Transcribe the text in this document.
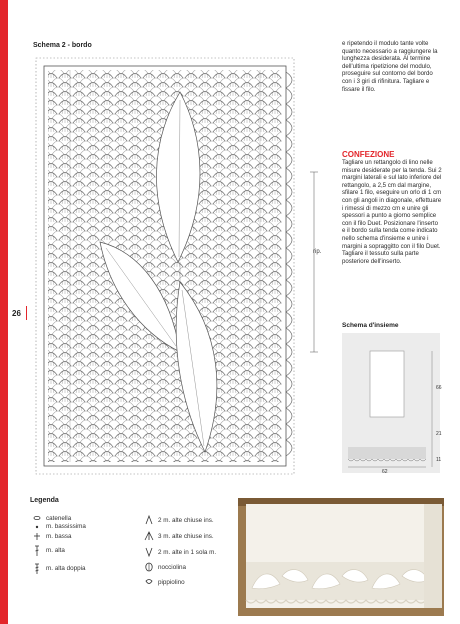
26
Schema 2 - bordo
rip.
e ripetendo il modulo tante volte quanto necessario a raggiungere la lunghezza desiderata. Al termine dell'ultima ripetizione del modulo, proseguire sul contorno del bordo con i 3 giri di rifinitura. Tagliare e fissare il filo.
CONFEZIONE
Tagliare un rettangolo di lino nelle misure desiderate per la tenda. Sui 2 margini laterali e sul lato inferiore del rettangolo, a 2,5 cm dal margine, sfilare 1 filo, eseguire un orlo di 1 cm con gli angoli in diagonale, effettuare i rimessi di mezzo cm e unire gli spessori a punto a giorno semplice con il filo Duet. Posizionare l'inserto e il bordo sulla tenda come indicato nello schema d'insieme e unire i margini a sopraggitto con il filo Duet. Tagliare il tessuto sulla parte posteriore dell'inserto.
Schema d'insieme
66
21
11
62
Legenda
catenella
m. bassissima
m. bassa
m. alta
m. alta doppia
2 m. alte chiuse ins.
3 m. alte chiuse ins.
2 m. alte in 1 sola m.
nocciolina
pippiolino
